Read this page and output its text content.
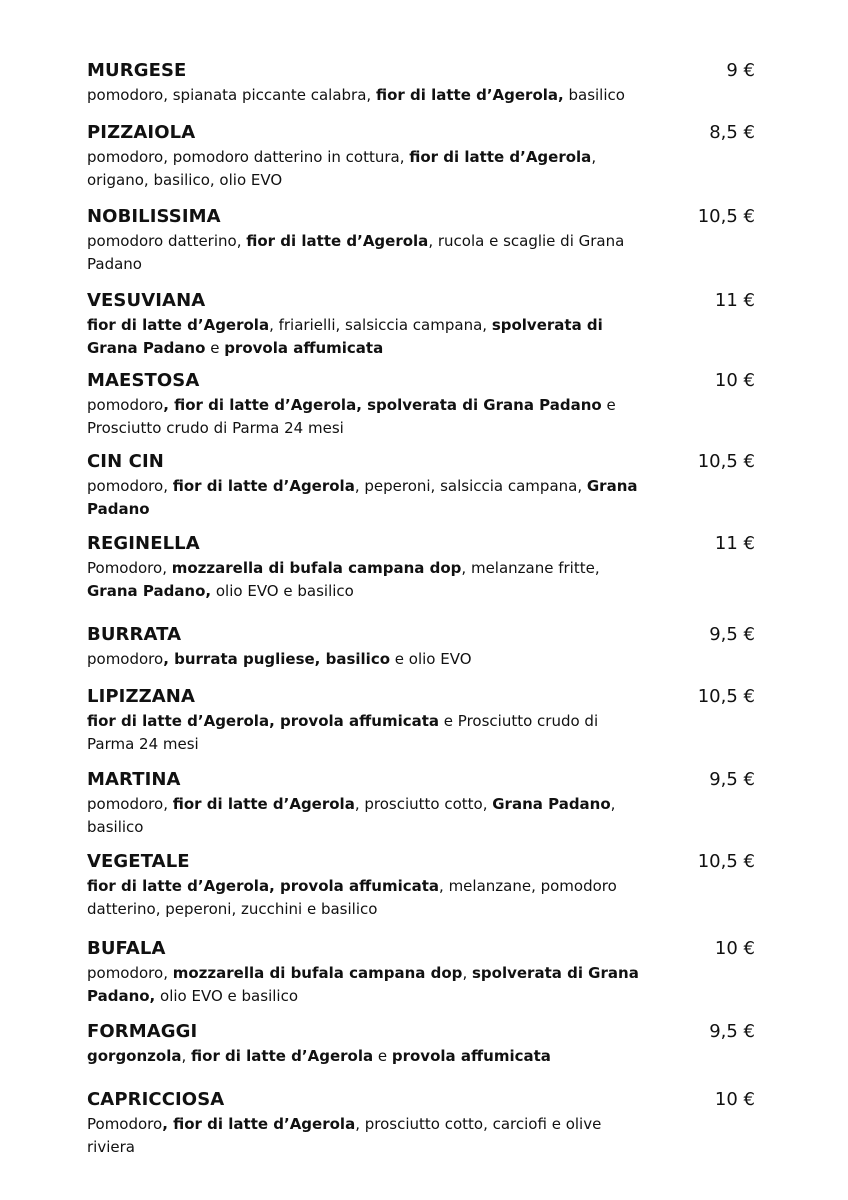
MURGESE	9 €
pomodoro, spianata piccante calabra, fior di latte d’Agerola, basilico
PIZZAIOLA	8,5 €
pomodoro, pomodoro datterino in cottura, fior di latte d’Agerola, origano, basilico, olio EVO
NOBILISSIMA	10,5 €
pomodoro datterino, fior di latte d’Agerola, rucola e scaglie di Grana Padano
VESUVIANA	11 €
fior di latte d’Agerola, friarielli, salsiccia campana, spolverata di Grana Padano e provola affumicata
MAESTOSA	10 €
pomodoro, fior di latte d’Agerola, spolverata di Grana Padano e Prosciutto crudo di Parma 24 mesi
CIN CIN	10,5 €
pomodoro, fior di latte d’Agerola, peperoni, salsiccia campana, Grana Padano
REGINELLA	11 €
Pomodoro, mozzarella di bufala campana dop, melanzane fritte, Grana Padano, olio EVO e basilico
BURRATA	9,5 €
pomodoro, burrata pugliese, basilico e olio EVO
LIPIZZANA	10,5 €
fior di latte d’Agerola, provola affumicata e Prosciutto crudo di Parma 24 mesi
MARTINA	9,5 €
pomodoro, fior di latte d’Agerola, prosciutto cotto, Grana Padano, basilico
VEGETALE	10,5 €
fior di latte d’Agerola, provola affumicata, melanzane, pomodoro datterino, peperoni, zucchini e basilico
BUFALA	10 €
pomodoro, mozzarella di bufala campana dop, spolverata di Grana Padano, olio EVO e basilico
FORMAGGI	9,5 €
gorgonzola, fior di latte d’Agerola e provola affumicata
CAPRICCIOSA	10 €
Pomodoro, fior di latte d’Agerola, prosciutto cotto, carciofi e olive riviera
